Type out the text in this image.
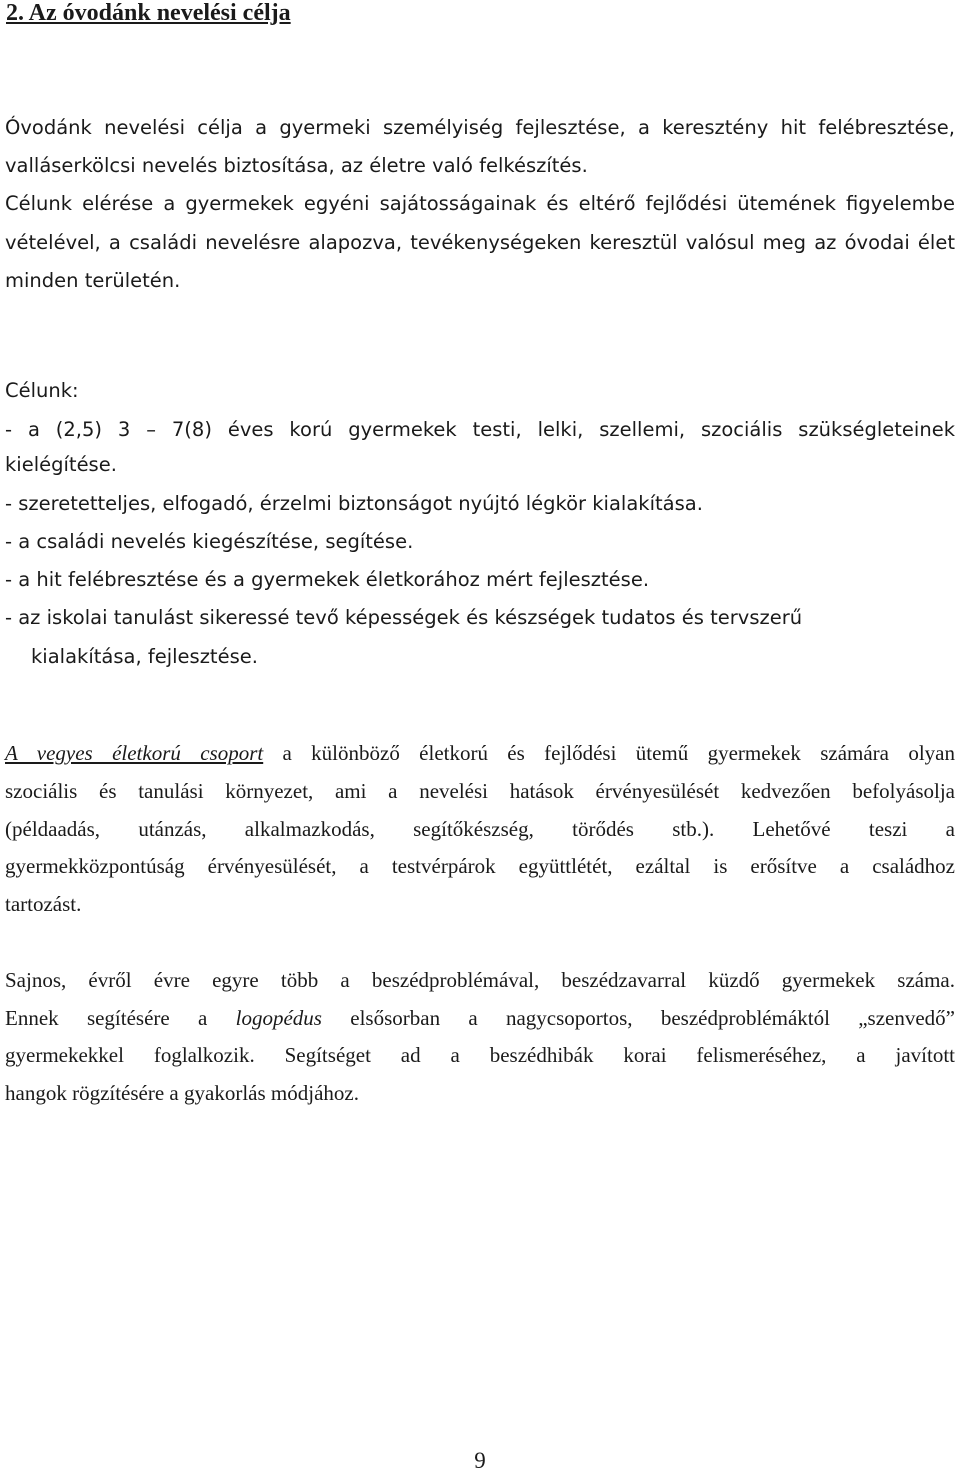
2. Az óvodánk nevelési célja

Óvodánk nevelési célja a gyermeki személyiség fejlesztése, a keresztény hit felébresztése,

valláserkölcsi nevelés biztosítása, az életre való felkészítés.

Célunk elérése a gyermekek egyéni sajátosságainak és eltérő fejlődési ütemének figyelembe

vételével, a családi nevelésre alapozva, tevékenységeken keresztül valósul meg az óvodai élet

minden területén.

Célunk:

- a (2,5) 3 – 7(8) éves korú gyermekek testi, lelki, szellemi, szociális szükségleteinek

kielégítése.

- szeretetteljes, elfogadó, érzelmi biztonságot nyújtó légkör kialakítása.

- a családi nevelés kiegészítése, segítése.

- a hit felébresztése és a gyermekek életkorához mért fejlesztése.

- az iskolai tanulást sikeressé tevő képességek és készségek tudatos és tervszerű

kialakítása, fejlesztése.

A vegyes életkorú csoport a különböző életkorú és fejlődési ütemű gyermekek számára olyan

szociális és tanulási környezet, ami a nevelési hatások érvényesülését kedvezően befolyásolja

(példaadás, utánzás, alkalmazkodás, segítőkészség, törődés stb.). Lehetővé teszi a

gyermekközpontúság érvényesülését, a testvérpárok együttlétét, ezáltal is erősítve a családhoz

tartozást.

Sajnos, évről évre egyre több a beszédproblémával, beszédzavarral küzdő gyermekek száma.

Ennek segítésére a logopédus elsősorban a nagycsoportos, beszédproblémáktól „szenvedő”

gyermekekkel foglalkozik. Segítséget ad a beszédhibák korai felismeréséhez, a javított

hangok rögzítésére a gyakorlás módjához.

9
